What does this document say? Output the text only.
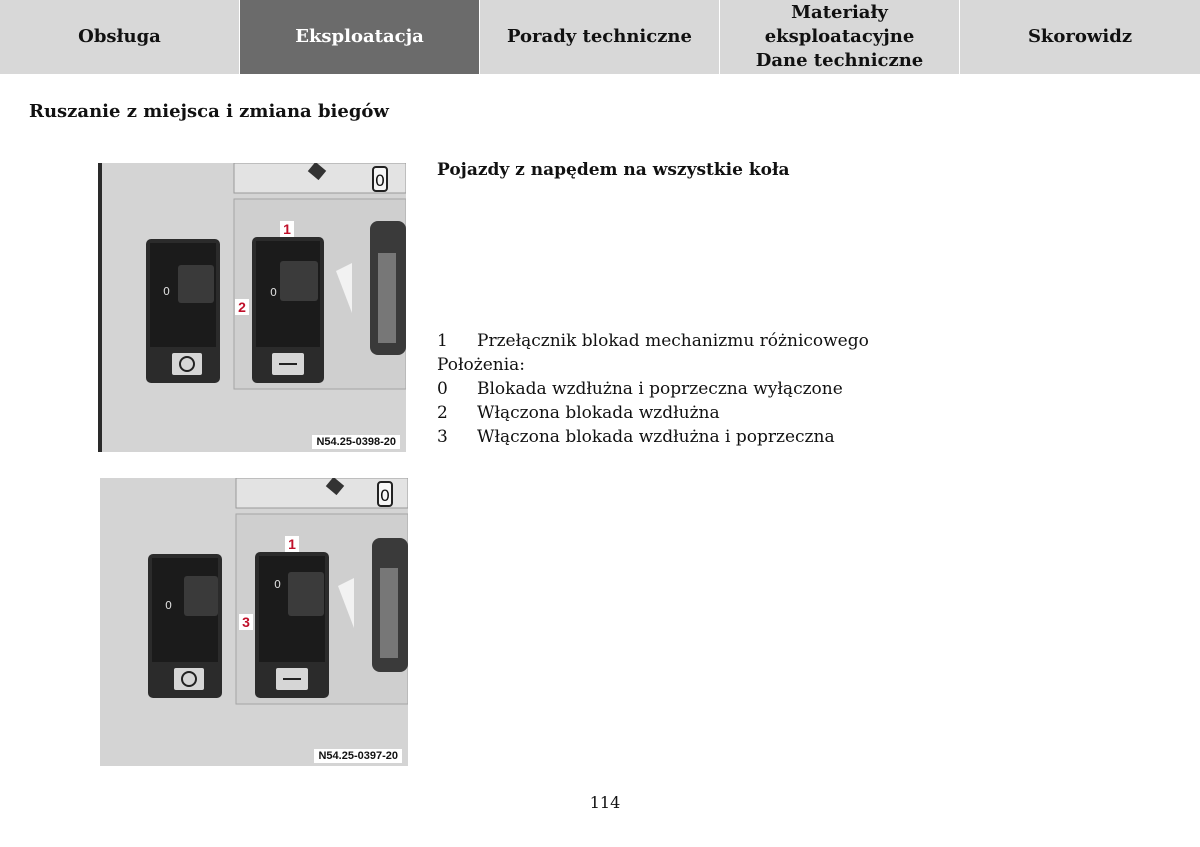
Obsługa	Eksploatacja	Porady techniczne
Materiały eksploatacyjne
Dane techniczne
Skorowidz
Ruszanie z miejsca i zmiana biegów
0
0	0
1
2
N54.25-0398-20
0
0
0
1
3
N54.25-0397-20
Pojazdy z napędem na wszystkie koła
1	Przełącznik blokad mechanizmu różnicowego
Położenia:
0	Blokada wzdłużna i poprzeczna wyłączone
2	Włączona blokada wzdłużna
3	Włączona blokada wzdłużna i poprzeczna
114
